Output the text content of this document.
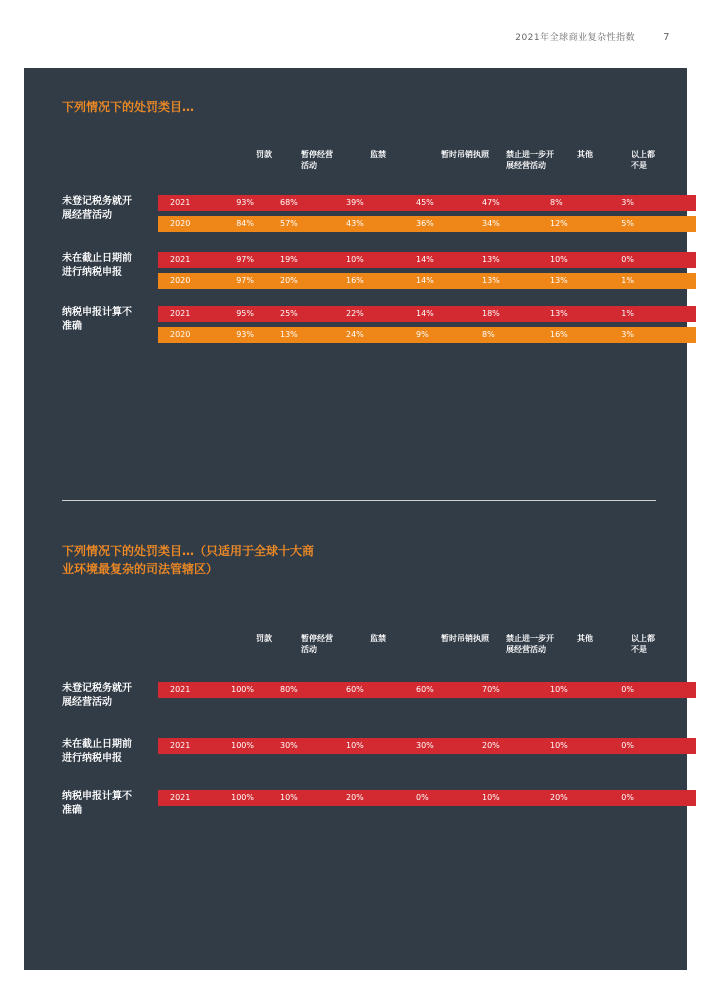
2021年全球商业复杂性指数	7
下列情况下的处罚类目…
罚款	暂停经营
活动
监禁	暂时吊销执照	禁止进一步开
展经营活动
其他	以上都
不是
未登记税务就开
展经营活动
2021	93%	68%	39%	45%	47%	8%	3%
2020	84%	57%	43%	36%	34%	12%	5%
未在截止日期前
进行纳税申报
2021	97%	19%	10%	14%	13%	10%	0%
2020	97%	20%	16%	14%	13%	13%	1%
纳税申报计算不
准确
2021	95%	25%	22%	14%	18%	13%	1%
2020	93%	13%	24%	9%	8%	16%	3%
下列情况下的处罚类目…（只适用于全球十大商
业环境最复杂的司法管辖区）
罚款	暂停经营
活动
监禁	暂时吊销执照	禁止进一步开
展经营活动
其他	以上都
不是
未登记税务就开
展经营活动
2021	100%	80%	60%	60%	70%	10%	0%
未在截止日期前
进行纳税申报
2021	100%	30%	10%	30%	20%	10%	0%
纳税申报计算不
准确
2021	100%	10%	20%	0%	10%	20%	0%
